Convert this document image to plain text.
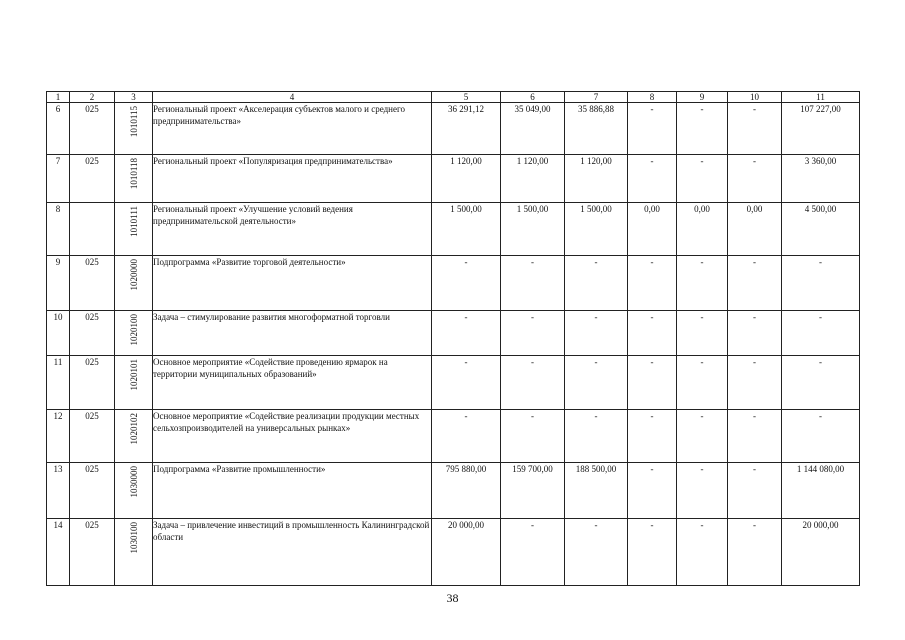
1	2	3	4	5	6	7	8	9	10	11
6	025	1010115	Региональный проект «Акселерация субъектов малого и среднего предпринимательства»	36 291,12	35 049,00	35 886,88	-	-	-	107 227,00
7	025	1010118	Региональный проект «Популяризация предпринимательства»	1 120,00	1 120,00	1 120,00	-	-	-	3 360,00
8		1010111	Региональный проект «Улучшение условий ведения предпринимательской деятельности»	1 500,00	1 500,00	1 500,00	0,00	0,00	0,00	4 500,00
9	025	1020000	Подпрограмма «Развитие торговой деятельности»	-	-	-	-	-	-	-
10	025	1020100	Задача – стимулирование развития многоформатной торговли	-	-	-	-	-	-	-
11	025	1020101	Основное мероприятие «Содействие проведению ярмарок на территории муниципальных образований»	-	-	-	-	-	-	-
12	025	1020102	Основное мероприятие «Содействие реализации продукции местных сельхозпроизводителей на универсальных рынках»	-	-	-	-	-	-	-
13	025	1030000	Подпрограмма «Развитие промышленности»	795 880,00	159 700,00	188 500,00	-	-	-	1 144 080,00
14	025	1030100	Задача – привлечение инвестиций в промышленность Калининградской области	20 000,00	-	-	-	-	-	20 000,00
38
